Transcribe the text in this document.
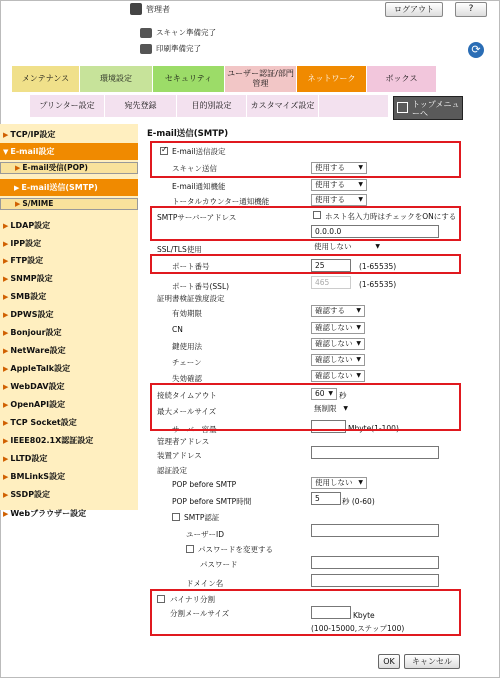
管理者	ログアウト	?
スキャン準備完了
印刷準備完了	⟳
メンテナンス	環境設定	セキュリティ
ユーザー認証/部門管理
ネットワーク	ボックス
プリンター設定	宛先登録	目的別設定	カスタマイズ設定	トップメニューへ
▶ TCP/IP設定
▼ E-mail設定
▶ E-mail受信(POP)
▶ E-mail送信(SMTP)
▶ S/MIME
▶ LDAP設定
▶ IPP設定
▶ FTP設定
▶ SNMP設定
▶ SMB設定
▶ DPWS設定
▶ Bonjour設定
▶ NetWare設定
▶ AppleTalk設定
▶ WebDAV設定
▶ OpenAPI設定
▶ TCP Socket設定
▶ IEEE802.1X認証設定
▶ LLTD設定
▶ BMLinkS設定
▶ SSDP設定
▶ Webブラウザー設定
E-mail送信(SMTP)
✓
E-mail送信設定
スキャン送信	使用する ▼
E-mail通知機能	使用する ▼
トータルカウンター通知機能	使用する ▼
SMTPサーバーアドレス	ホスト名入力時はチェックをONにする
0.0.0.0
SSL/TLS使用	使用しない	▼
ポート番号	25	(1-65535)
ポート番号(SSL)	465	(1-65535)
証明書検証強度設定
有効期限	確認する ▼
CN	確認しない ▼
鍵使用法	確認しない ▼
チェーン	確認しない ▼
失効確認	確認しない ▼
接続タイムアウト	60 ▼ 秒
最大メールサイズ	無制限 ▼
サーバー容量	Mbyte(1-100)
管理者アドレス
装置アドレス
認証設定
POP before SMTP	使用しない ▼
POP before SMTP時間	5	秒 (0-60)
SMTP認証
ユーザーID
パスワードを変更する
パスワード
ドメイン名
バイナリ分割
分割メールサイズ	Kbyte
(100-15000,ステップ100)
OK	キャンセル
